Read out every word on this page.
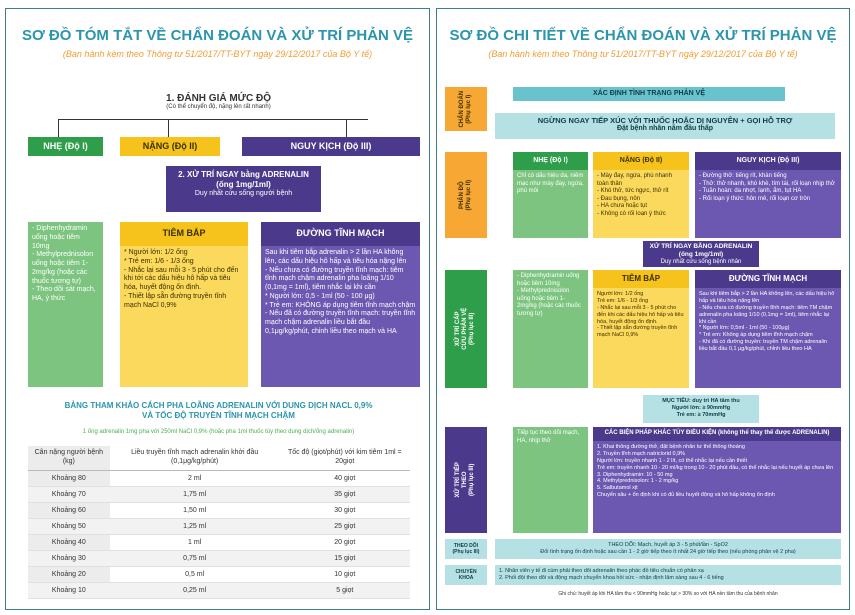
SƠ ĐỒ TÓM TẮT VỀ CHẨN ĐOÁN VÀ XỬ TRÍ PHẢN VỆ
(Ban hành kèm theo Thông tư 51/2017/TT-BYT ngày 29/12/2017 của Bộ Y tế)
1. ĐÁNH GIÁ MỨC ĐỘ
(Có thể chuyển độ, nặng lên rất nhanh)
NHẸ (Độ I)	NẶNG (Độ II)	NGUY KỊCH (Độ III)
2. XỬ TRÍ NGAY bằng ADRENALIN
(ống 1mg/1ml)
Duy nhất cứu sống người bệnh
- Diphenhydramin uống hoặc tiêm 10mg
- Methylprednisolon uống hoặc tiêm 1-2mg/kg (hoặc các thuốc tương tự)
- Theo dõi sát mạch, HA, ý thức
TIÊM BẮP
* Người lớn: 1/2 ống
* Trẻ em: 1/6 - 1/3 ống
- Nhắc lại sau mỗi 3 - 5 phút cho đến khi tới các dấu hiệu hô hấp và tiêu hóa, huyết động ổn định.
- Thiết lập sẵn đường truyền tĩnh mạch NaCl 0,9%
ĐƯỜNG TĨNH MẠCH
Sau khi tiêm bắp adrenalin > 2 lần HA không lên, các dấu hiệu hô hấp và tiêu hóa nặng lên
- Nếu chưa có đường truyền tĩnh mạch: tiêm tĩnh mạch chậm adrenalin pha loãng 1/10 (0,1mg = 1ml), tiêm nhắc lại khi cần
* Người lớn: 0,5 - 1ml (50 - 100 μg)
* Trẻ em: KHÔNG áp dụng tiêm tĩnh mạch chậm
- Nếu đã có đường truyền tĩnh mạch: truyền tĩnh mạch chậm adrenalin liều bắt đầu 0,1μg/kg/phút, chỉnh liều theo mạch và HA
BẢNG THAM KHẢO CÁCH PHA LOÃNG ADRENALIN VỚI DUNG DỊCH NACL 0,9%
VÀ TỐC ĐỘ TRUYỀN TĨNH MẠCH CHẬM
1 ống adrenalin 1mg pha với 250ml NaCl 0,9% (hoặc pha 1ml thuốc tùy theo dung dịch/ống adrenalin)
Cân nặng người bệnh (kg)	Liều truyền tĩnh mạch adrenalin khởi đầu (0,1μg/kg/phút)	Tốc độ (giọt/phút) với kim tiêm 1ml = 20giọt
Khoảng 80	2 ml	40 giọt
Khoảng 70	1,75 ml	35 giọt
Khoảng 60	1,50 ml	30 giọt
Khoảng 50	1,25 ml	25 giọt
Khoảng 40	1 ml	20 giọt
Khoảng 30	0,75 ml	15 giọt
Khoảng 20	0,5 ml	10 giọt
Khoảng 10	0,25 ml	5 giọt
SƠ ĐỒ CHI TIẾT VỀ CHẨN ĐOÁN VÀ XỬ TRÍ PHẢN VỆ
(Ban hành kèm theo Thông tư 51/2017/TT-BYT ngày 29/12/2017 của Bộ Y tế)
CHẨN ĐOÁN
(Phụ lục I)
PHÂN ĐỘ
(Phụ lục II)
XỬ TRÍ CẤP CỨU PHẢN VỆ
(Phụ lục III)
XỬ TRÍ TIẾP THEO
(Phụ lục III)
THEO DÕI
(Phụ lục III)
CHUYỂN
KHOA
XÁC ĐỊNH TÌNH TRẠNG PHẢN VỆ
NGỪNG NGAY TIẾP XÚC VỚI THUỐC HOẶC DỊ NGUYÊN + GỌI HỖ TRỢ
Đặt bệnh nhân nằm đầu thấp
NHẸ (Độ I)	NẶNG (Độ II)	NGUY KỊCH (Độ III)
Chỉ có dấu hiệu da, niêm mạc như mày đay, ngứa, phù môi
- Mày đay, ngứa, phù nhanh toàn thân
- Khó thở, tức ngực, thở rít
- Đau bụng, nôn
- HA chưa hoặc tụt
- Không có rối loạn ý thức
- Đường thở: tiếng rít, khàn tiếng
- Thở: thở nhanh, khò khè, tím tái, rối loạn nhịp thở
- Tuần hoàn: da nhợt, lạnh, ẩm, tụt HA
- Rối loạn ý thức: hôn mê, rối loạn cơ tròn
XỬ TRÍ NGAY BẰNG ADRENALIN (ống 1mg/1ml)
Duy nhất cứu sống bệnh nhân
- Diphenhydramin uống hoặc tiêm 10mg
- Methylprednisolon uống hoặc tiêm 1-2mg/kg (hoặc các thuốc tương tự)
TIÊM BẮP
Người lớn: 1/2 ống
Trẻ em: 1/6 - 1/3 ống
- Nhắc lại sau mỗi 3 - 5 phút cho đến khi các dấu hiệu hô hấp và tiêu hóa, huyết động ổn định.
- Thiết lập sẵn đường truyền tĩnh mạch NaCl 0,9%
ĐƯỜNG TĨNH MẠCH
Sau khi tiêm bắp > 2 lần HA không lên, các dấu hiệu hô hấp và tiêu hóa nặng lên
- Nếu chưa có đường truyền tĩnh mạch: tiêm TM chậm adrenalin pha loãng 1/10 (0,1mg = 1ml), tiêm nhắc lại khi cần
* Người lớn: 0,5ml - 1ml (50 - 100μg)
* Trẻ em: Không áp dụng tiêm tĩnh mạch chậm
- Khi đã có đường truyền: truyền TM chậm adrenalin liều bắt đầu 0,1 μg/kg/phút, chỉnh liều theo HA
MỤC TIÊU: duy trì HA tâm thu
Người lớn: ≥ 90mmHg
Trẻ em: ≥ 70mmHg
Tiếp tục theo dõi mạch, HA, nhịp thở
CÁC BIỆN PHÁP KHÁC TÙY ĐIỀU KIỆN (không thể thay thế được ADRENALIN)
1. Khai thông đường thở, đặt bệnh nhân tư thế thông thoáng
2. Truyền tĩnh mạch natriclorid 0,9%
Người lớn: truyền nhanh 1 - 2 lít, có thể nhắc lại nếu cần thiết
Trẻ em: truyền nhanh 10 - 20 ml/kg trong 10 - 20 phút đầu, có thể nhắc lại nếu huyết áp chưa lên
3. Diphenhydramin: 10 - 50 mg
4. Methylprednisolon: 1 - 2 mg/kg
5. Salbutamol xịt
Chuyển sâu + ổn định khi có đủ liều huyết động và hô hấp không ổn định
THEO DÕI: Mạch, huyết áp 3 - 5 phút/lần - SpO2
Đối tình trạng ổn định hoặc sau cần 1 - 2 giờ tiếp theo ít nhất 24 giờ tiếp theo (nếu phòng phản vệ 2 pha)
1. Nhân viên y tế đi cùm phải theo dõi adrenalin theo phác đồ tiêu chuẩn có phản xạ
2. Phối đội theo dõi và động mạch chuyển khoa hồi sức - nhận định lâm sàng sau 4 - 6 tiếng
Ghi chú: huyết áp khi HA tâm thu < 90mmHg hoặc tụt > 30% so với HA nền tâm thu của bệnh nhân
